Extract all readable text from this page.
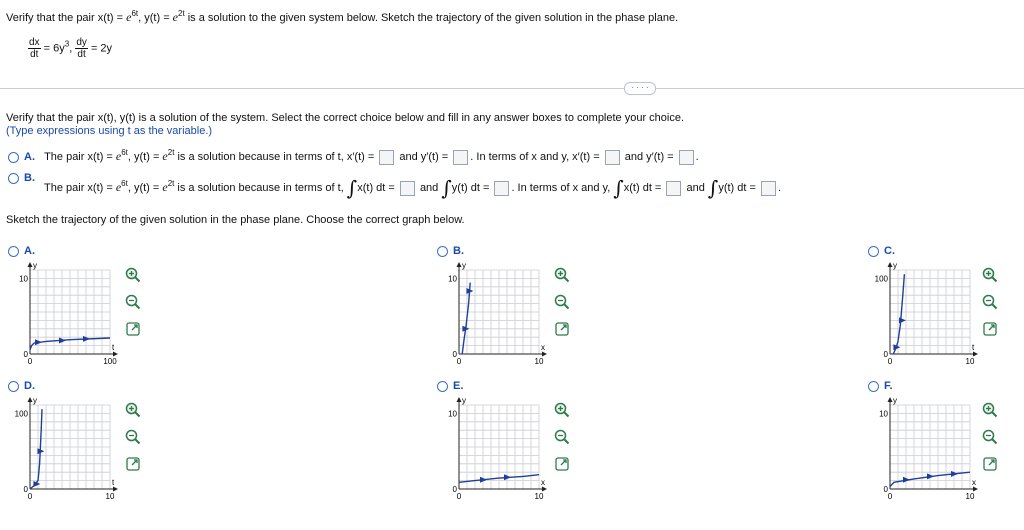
Verify that the pair $x(t) = e^{6t}$, $y(t) = e^{2t}$ is a solution to the given system below. Sketch the trajectory of the given solution in the phase plane.
$\frac{dx}{dt} = 6y^3$, $\frac{dy}{dt} = 2y$
· · · ·
Verify that the pair x(t), y(t) is a solution of the system. Select the correct choice below and fill in any answer boxes to complete your choice.
(Type expressions using t as the variable.)
A. The pair $x(t) = e^{6t}$, $y(t) = e^{2t}$ is a solution because in terms of t, x′(t) = and y′(t) = . In terms of x and y, x′(t) = and y′(t) = .
B.
The pair $x(t) = e^{6t}$, $y(t) = e^{2t}$ is a solution because in terms of t, ∫x(t) dt = and ∫y(t) dt = . In terms of x and y, ∫x(t) dt = and ∫y(t) dt = .
Sketch the trajectory of the given solution in the phase plane. Choose the correct graph below.
A.
y
t
10
0
0	100
B.
y
x
10
0
0	10
C.
y
t
100
0
0	10
D.
y
t
100
0
0	10
E.
y
x
10
0
0	10
F.
y
x
10
0
0	10
